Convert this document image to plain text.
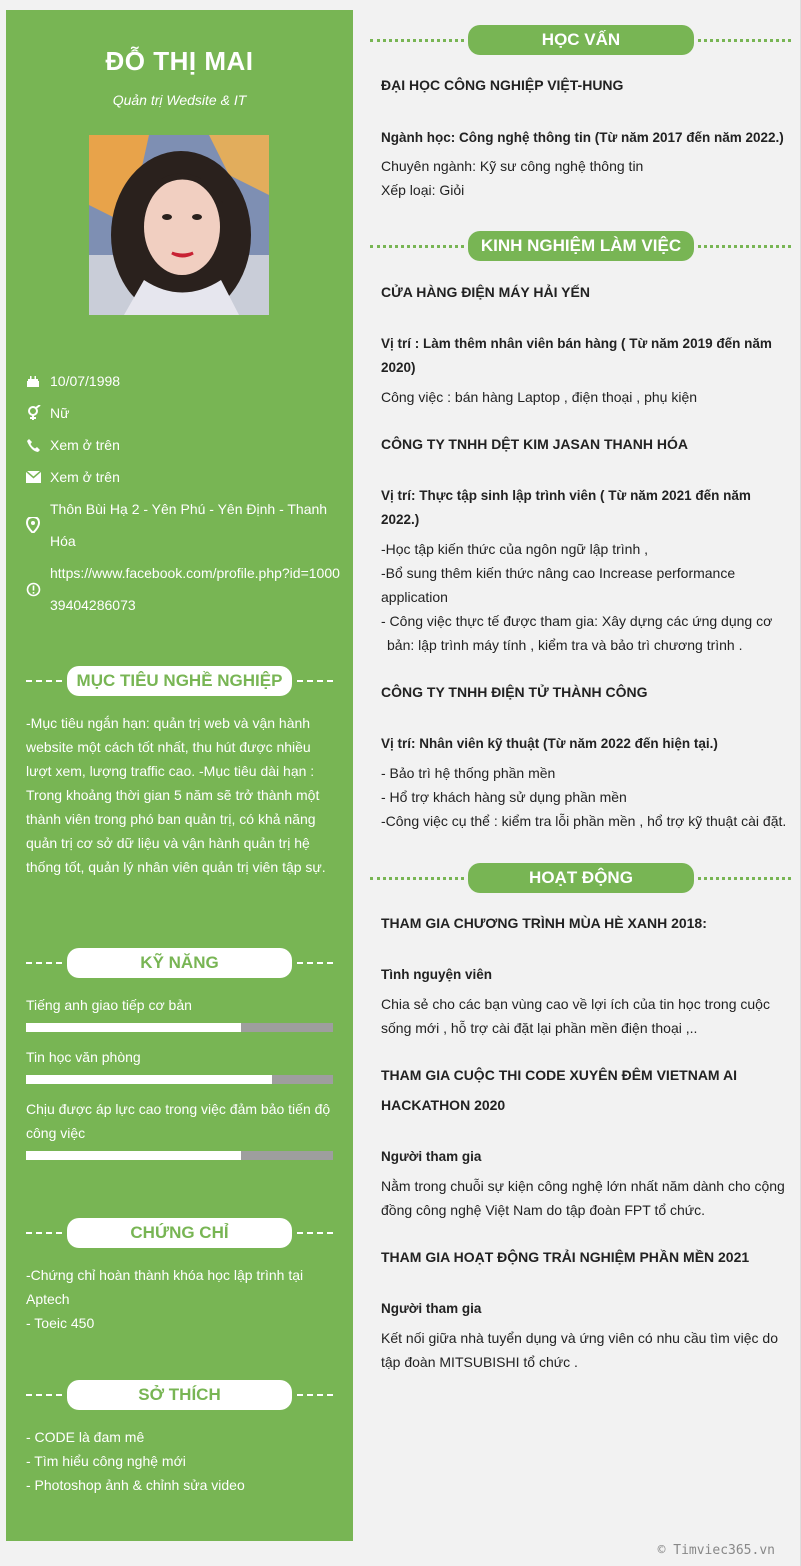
ĐỖ THỊ MAI
Quản trị Wedsite & IT
10/07/1998
Nữ
Xem ở trên
Xem ở trên
Thôn Bùi Hạ 2 - Yên Phú - Yên Định - Thanh Hóa
https://www.facebook.com/profile.php?id=100039404286073
MỤC TIÊU NGHỀ NGHIỆP
-Mục tiêu ngắn hạn: quản trị web và vận hành website một cách tốt nhất, thu hút được nhiều lượt xem, lượng traffic cao. -Mục tiêu dài hạn : Trong khoảng thời gian 5 năm sẽ trở thành một thành viên trong phó ban quản trị, có khả năng quản trị cơ sở dữ liệu và vận hành quản trị hệ thống tốt, quản lý nhân viên quản trị viên tập sự.
KỸ NĂNG
Tiếng anh giao tiếp cơ bản
Tin học văn phòng
Chịu được áp lực cao trong việc đảm bảo tiến độ công việc
CHỨNG CHỈ
-Chứng chỉ hoàn thành khóa học lập trình tại Aptech
- Toeic 450
SỞ THÍCH
- CODE là đam mê
- Tìm hiểu công nghệ mới
- Photoshop ảnh & chỉnh sửa video
HỌC VẤN
ĐẠI HỌC CÔNG NGHIỆP VIỆT-HUNG
Ngành học: Công nghệ thông tin (Từ năm 2017 đến năm 2022.)
Chuyên ngành: Kỹ sư công nghệ thông tin
Xếp loại: Giỏi
KINH NGHIỆM LÀM VIỆC
CỬA HÀNG ĐIỆN MÁY HẢI YẾN
Vị trí : Làm thêm nhân viên bán hàng ( Từ năm 2019 đến năm 2020)
Công việc : bán hàng Laptop , điện thoại , phụ kiện
CÔNG TY TNHH DỆT KIM JASAN THANH HÓA
Vị trí: Thực tập sinh lập trình viên ( Từ năm 2021 đến năm 2022.)
-Học tập kiến thức của ngôn ngữ lập trình ,
-Bổ sung thêm kiến thức nâng cao Increase performance application
- Công việc thực tế được tham gia: Xây dựng các ứng dụng cơ bản: lập trình máy tính , kiểm tra và bảo trì chương trình .
CÔNG TY TNHH ĐIỆN TỬ THÀNH CÔNG
Vị trí: Nhân viên kỹ thuật (Từ năm 2022 đến hiện tại.)
- Bảo trì hệ thống phần mền
- Hổ trợ khách hàng sử dụng phần mền
-Công việc cụ thể : kiểm tra lỗi phần mền , hổ trợ kỹ thuật cài đặt.
HOẠT ĐỘNG
THAM GIA CHƯƠNG TRÌNH MÙA HÈ XANH 2018:
Tình nguyện viên
Chia sẻ cho các bạn vùng cao về lợi ích của tin học trong cuộc sống mới , hỗ trợ cài đặt lại phần mền điện thoại ,..
THAM GIA CUỘC THI CODE XUYÊN ĐÊM VIETNAM AI HACKATHON 2020
Người tham gia
Nằm trong chuỗi sự kiện công nghệ lớn nhất năm dành cho cộng đồng công nghệ Việt Nam do tập đoàn FPT tổ chức.
THAM GIA HOẠT ĐỘNG TRẢI NGHIỆM PHẦN MỀN 2021
Người tham gia
Kết nối giữa nhà tuyển dụng và ứng viên có nhu cầu tìm việc do tập đoàn MITSUBISHI tổ chức .
© Timviec365.vn
